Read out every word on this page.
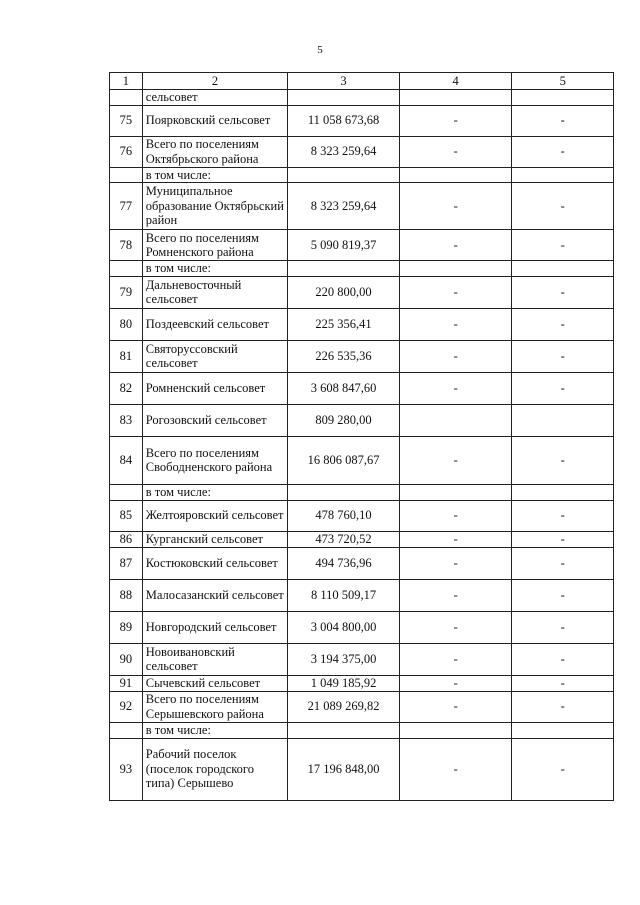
5
1	2	3	4	5
	сельсовет			
75	Поярковский сельсовет	11 058 673,68	-	-
76	Всего по поселениям Октябрьского района	8 323 259,64	-	-
	в том числе:			
77	Муниципальное образование Октябрьский район	8 323 259,64	-	-
78	Всего по поселениям Ромненского района	5 090 819,37	-	-
	в том числе:			
79	Дальневосточный сельсовет	220 800,00	-	-
80	Поздеевский сельсовет	225 356,41	-	-
81	Святоруссовский сельсовет	226 535,36	-	-
82	Ромненский сельсовет	3 608 847,60	-	-
83	Рогозовский сельсовет	809 280,00		
84	Всего по поселениям Свободненского района	16 806 087,67	-	-
	в том числе:			
85	Желтояровский сельсовет	478 760,10	-	-
86	Курганский сельсовет	473 720,52	-	-
87	Костюковский сельсовет	494 736,96	-	-
88	Малосазанский сельсовет	8 110 509,17	-	-
89	Новгородский сельсовет	3 004 800,00	-	-
90	Новоивановский сельсовет	3 194 375,00	-	-
91	Сычевский сельсовет	1 049 185,92	-	-
92	Всего по поселениям Серышевского района	21 089 269,82	-	-
	в том числе:			
93	Рабочий поселок (поселок городского типа) Серышево	17 196 848,00	-	-
